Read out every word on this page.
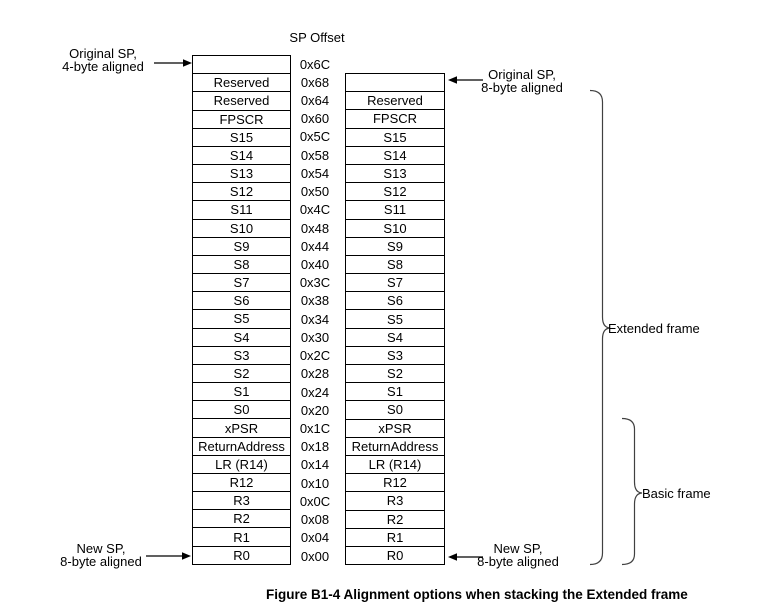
SP Offset
Reserved
Reserved
FPSCR
S15
S14
S13
S12
S11
S10
S9
S8
S7
S6
S5
S4
S3
S2
S1
S0
xPSR
ReturnAddress
LR (R14)
R12
R3
R2
R1
R0
0x6C
0x68
0x64
0x60
0x5C
0x58
0x54
0x50
0x4C
0x48
0x44
0x40
0x3C
0x38
0x34
0x30
0x2C
0x28
0x24
0x20
0x1C
0x18
0x14
0x10
0x0C
0x08
0x04
0x00
Reserved
FPSCR
S15
S14
S13
S12
S11
S10
S9
S8
S7
S6
S5
S4
S3
S2
S1
S0
xPSR
ReturnAddress
LR (R14)
R12
R3
R2
R1
R0
Original SP,
4-byte aligned
Original SP,
8-byte aligned
New SP,
8-byte aligned
New SP,
8-byte aligned
Extended frame
Basic frame
Figure B1-4 Alignment options when stacking the Extended frame
